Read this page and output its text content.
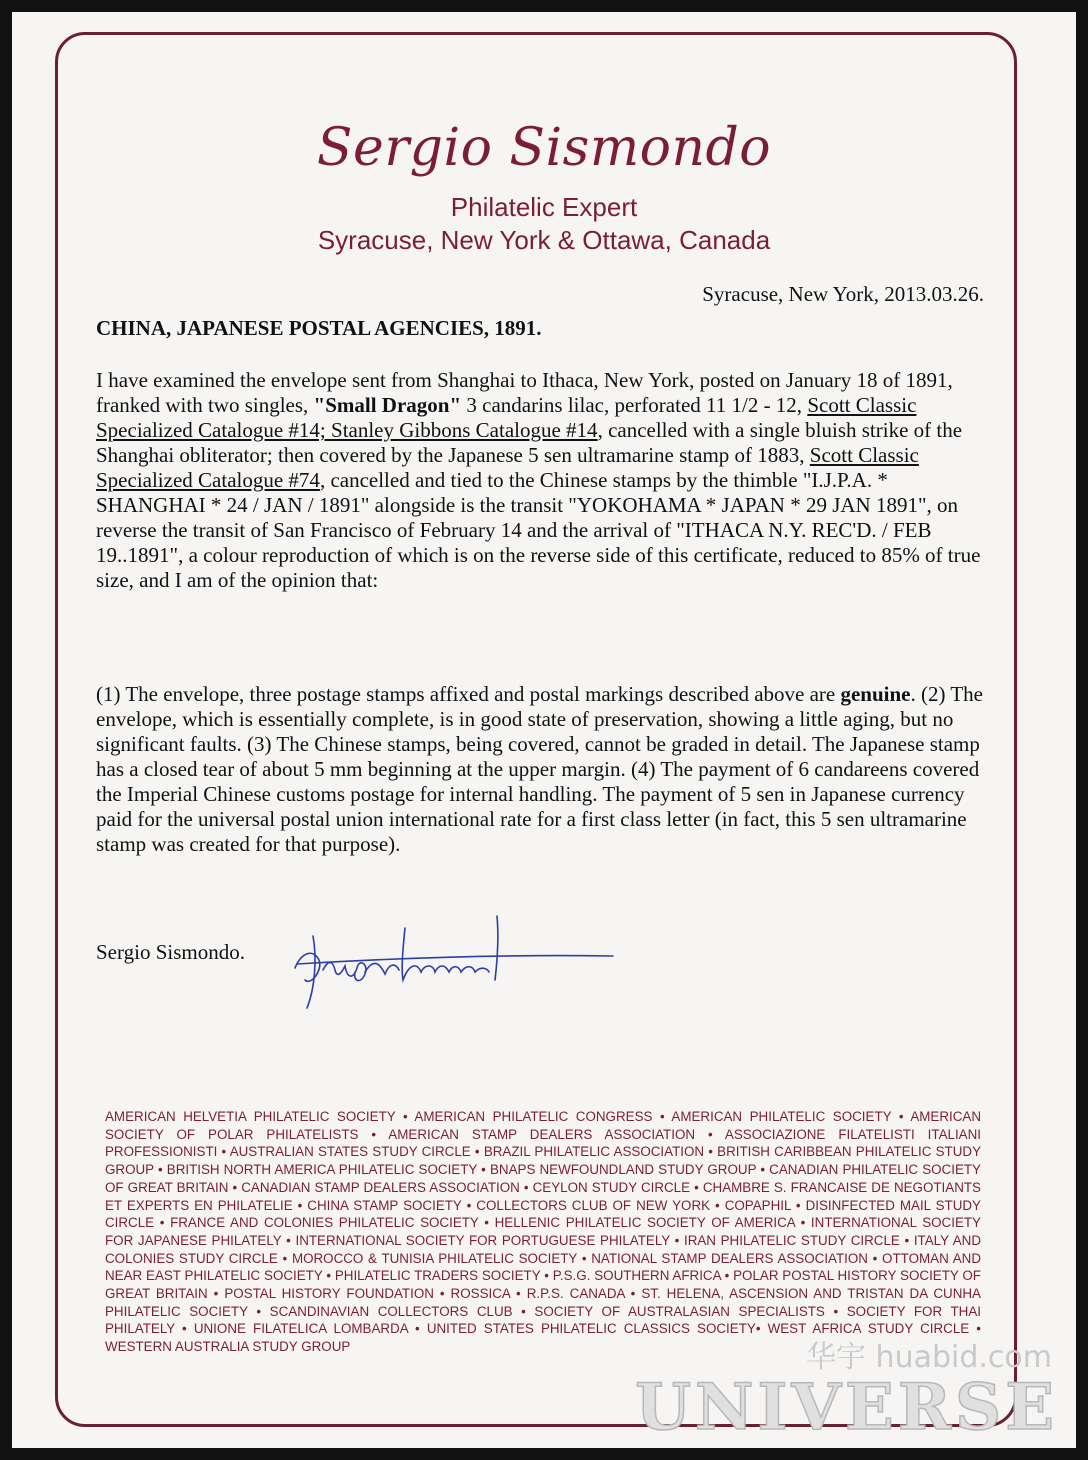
Sergio Sismondo
Philatelic Expert
Syracuse, New York & Ottawa, Canada
Syracuse, New York, 2013.03.26.
CHINA, JAPANESE POSTAL AGENCIES, 1891.
I have examined the envelope sent from Shanghai to Ithaca, New York, posted on January 18 of 1891, franked with two singles, "Small Dragon" 3 candarins lilac, perforated 11 1/2 - 12, Scott Classic Specialized Catalogue #14; Stanley Gibbons Catalogue #14, cancelled with a single bluish strike of the Shanghai obliterator; then covered by the Japanese 5 sen ultramarine stamp of 1883, Scott Classic Specialized Catalogue #74, cancelled and tied to the Chinese stamps by the thimble "I.J.P.A. * SHANGHAI * 24 / JAN / 1891" alongside is the transit "YOKOHAMA * JAPAN * 29 JAN 1891", on reverse the transit of San Francisco of February 14 and the arrival of "ITHACA N.Y. REC'D. / FEB 19..1891", a colour reproduction of which is on the reverse side of this certificate, reduced to 85% of true size, and I am of the opinion that:
(1) The envelope, three postage stamps affixed and postal markings described above are genuine. (2) The envelope, which is essentially complete, is in good state of preservation, showing a little aging, but no significant faults. (3) The Chinese stamps, being covered, cannot be graded in detail. The Japanese stamp has a closed tear of about 5 mm beginning at the upper margin. (4) The payment of 6 candareens covered the Imperial Chinese customs postage for internal handling. The payment of 5 sen in Japanese currency paid for the universal postal union international rate for a first class letter (in fact, this 5 sen ultramarine stamp was created for that purpose).
Sergio Sismondo.
AMERICAN HELVETIA PHILATELIC SOCIETY • AMERICAN PHILATELIC CONGRESS • AMERICAN PHILATELIC SOCIETY • AMERICAN SOCIETY OF POLAR PHILATELISTS • AMERICAN STAMP DEALERS ASSOCIATION • ASSOCIAZIONE FILATELISTI ITALIANI PROFESSIONISTI • AUSTRALIAN STATES STUDY CIRCLE • BRAZIL PHILATELIC ASSOCIATION • BRITISH CARIBBEAN PHILATELIC STUDY GROUP • BRITISH NORTH AMERICA PHILATELIC SOCIETY • BNAPS NEWFOUNDLAND STUDY GROUP • CANADIAN PHILATELIC SOCIETY OF GREAT BRITAIN • CANADIAN STAMP DEALERS ASSOCIATION • CEYLON STUDY CIRCLE • CHAMBRE S. FRANCAISE DE NEGOTIANTS ET EXPERTS EN PHILATELIE • CHINA STAMP SOCIETY • COLLECTORS CLUB OF NEW YORK • COPAPHIL • DISINFECTED MAIL STUDY CIRCLE • FRANCE AND COLONIES PHILATELIC SOCIETY • HELLENIC PHILATELIC SOCIETY OF AMERICA • INTERNATIONAL SOCIETY FOR JAPANESE PHILATELY • INTERNATIONAL SOCIETY FOR PORTUGUESE PHILATELY • IRAN PHILATELIC STUDY CIRCLE • ITALY AND COLONIES STUDY CIRCLE • MOROCCO & TUNISIA PHILATELIC SOCIETY • NATIONAL STAMP DEALERS ASSOCIATION • OTTOMAN AND NEAR EAST PHILATELIC SOCIETY • PHILATELIC TRADERS SOCIETY • P.S.G. SOUTHERN AFRICA • POLAR POSTAL HISTORY SOCIETY OF GREAT BRITAIN • POSTAL HISTORY FOUNDATION • ROSSICA • R.P.S. CANADA • ST. HELENA, ASCENSION AND TRISTAN DA CUNHA PHILATELIC SOCIETY • SCANDINAVIAN COLLECTORS CLUB • SOCIETY OF AUSTRALASIAN SPECIALISTS • SOCIETY FOR THAI PHILATELY • UNIONE FILATELICA LOMBARDA • UNITED STATES PHILATELIC CLASSICS SOCIETY• WEST AFRICA STUDY CIRCLE • WESTERN AUSTRALIA STUDY GROUP	华宇 huabid.com
UNIVERSE
